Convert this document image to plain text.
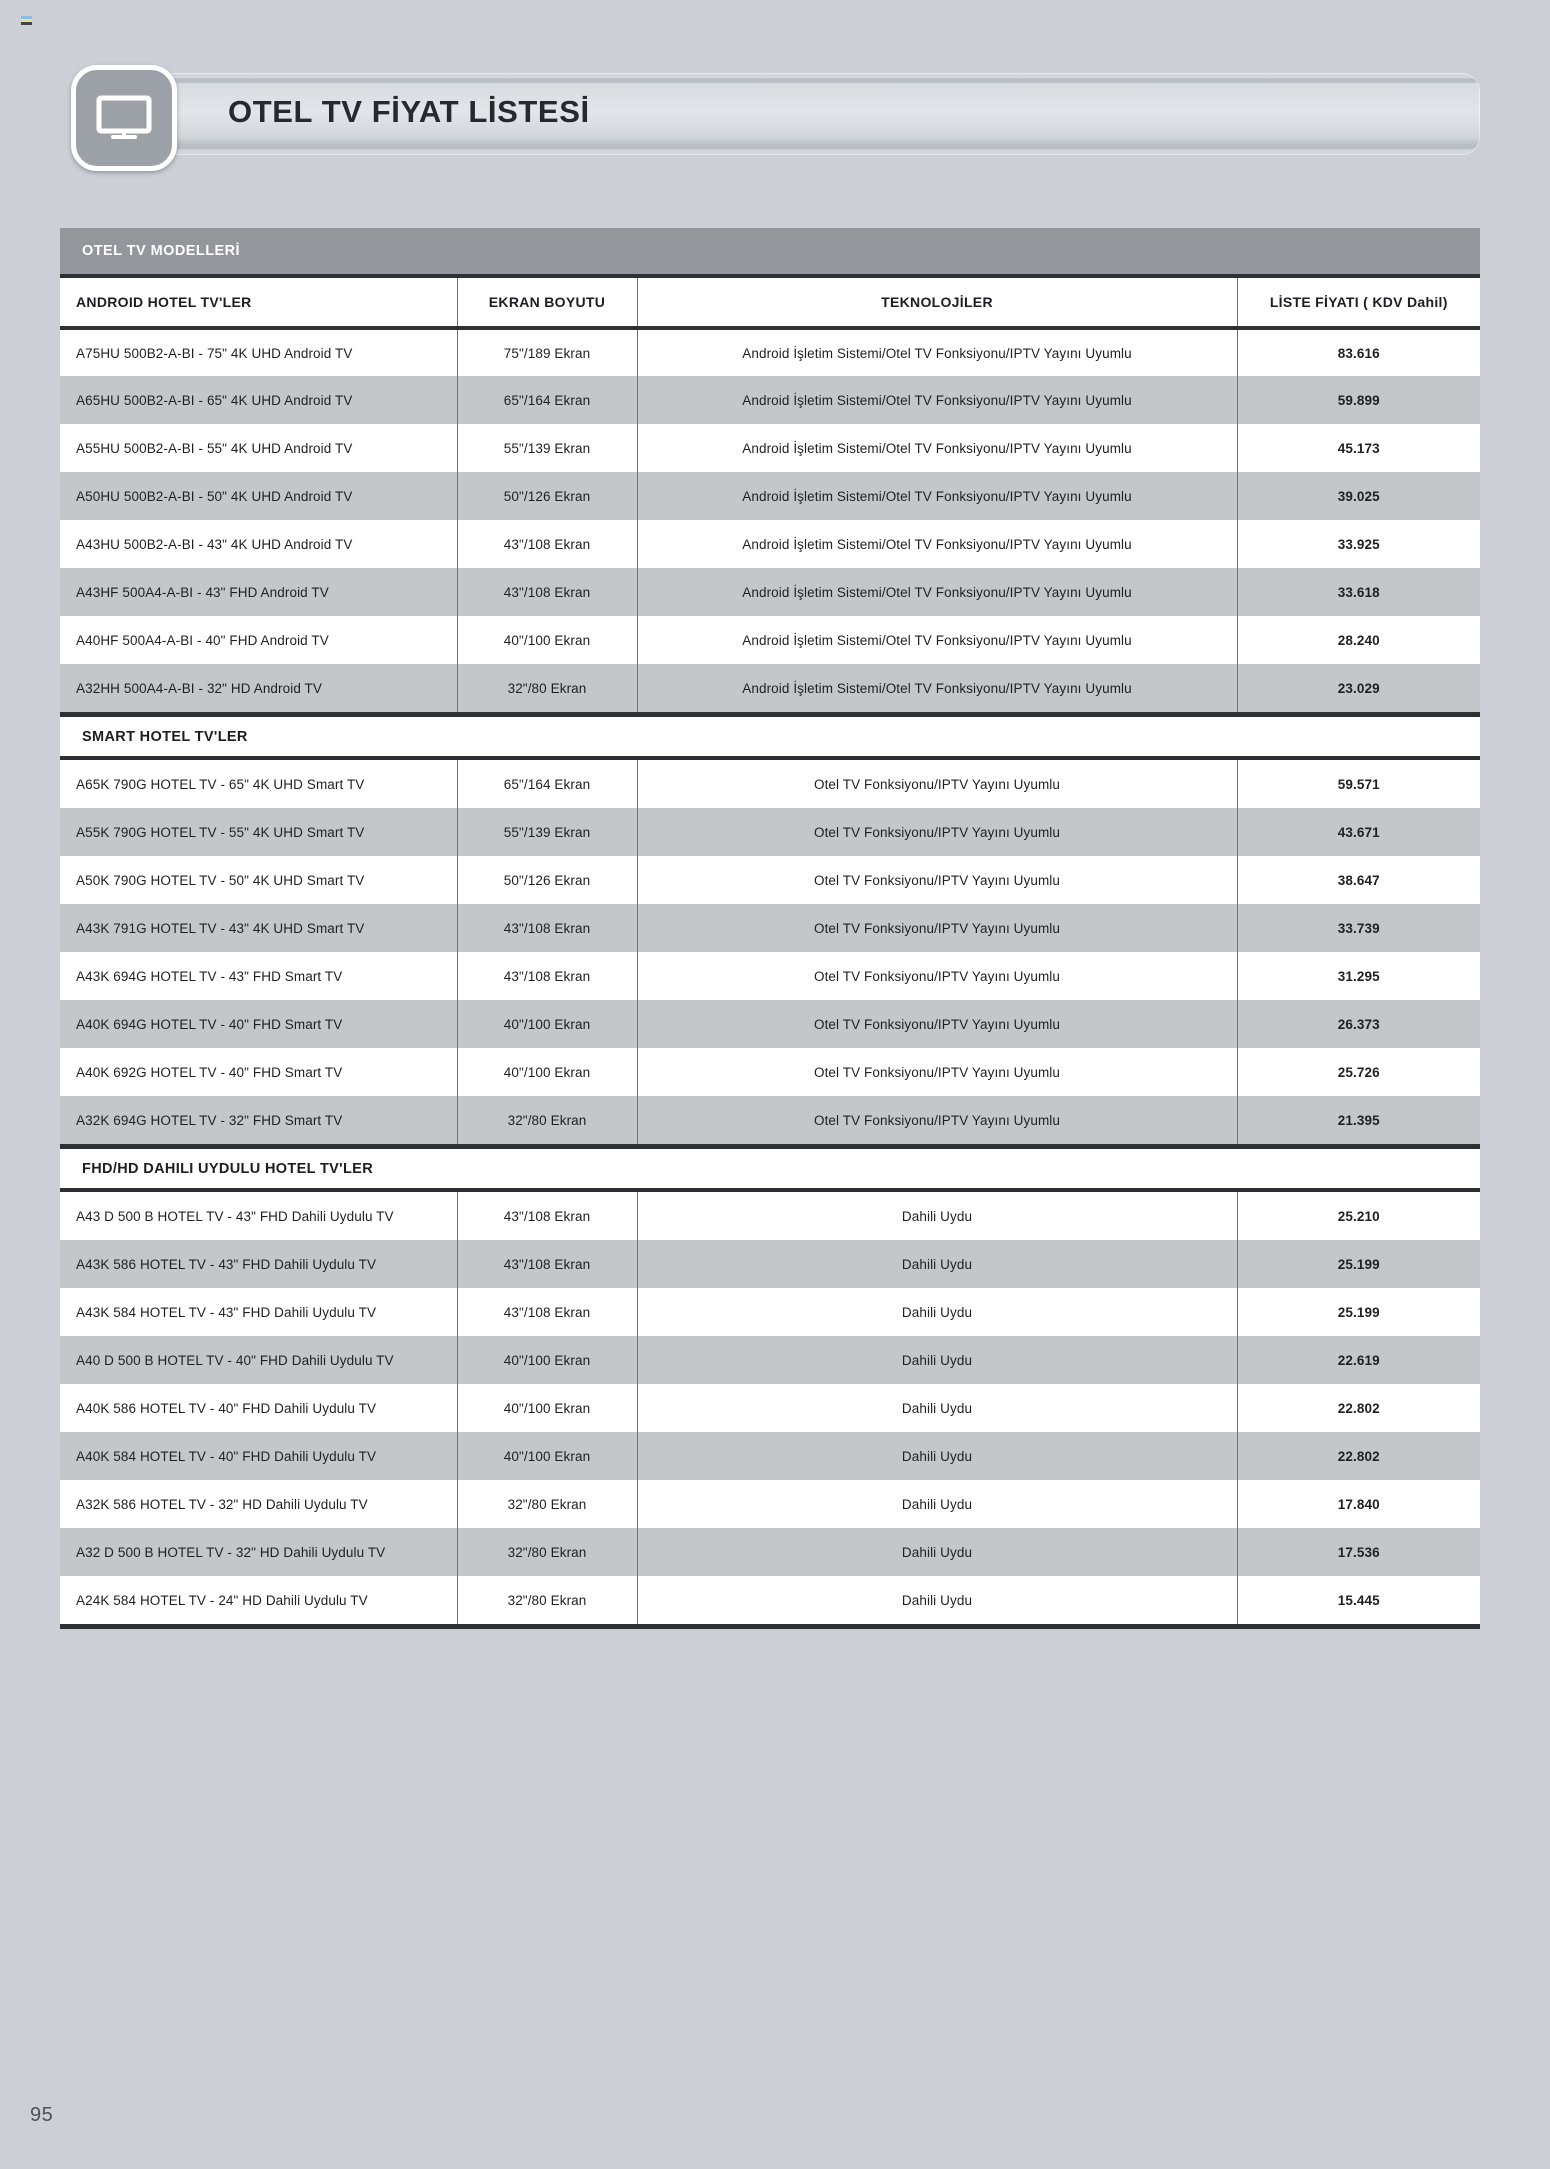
OTEL TV FİYAT LİSTESİ
OTEL TV MODELLERİ
ANDROID HOTEL TV'LER	EKRAN BOYUTU	TEKNOLOJİLER	LİSTE FİYATI ( KDV Dahil)
A75HU 500B2-A-BI - 75" 4K UHD Android TV	75"/189 Ekran	Android İşletim Sistemi/Otel TV Fonksiyonu/IPTV Yayını Uyumlu	83.616
A65HU 500B2-A-BI - 65" 4K UHD Android TV	65"/164 Ekran	Android İşletim Sistemi/Otel TV Fonksiyonu/IPTV Yayını Uyumlu	59.899
A55HU 500B2-A-BI - 55" 4K UHD Android TV	55"/139 Ekran	Android İşletim Sistemi/Otel TV Fonksiyonu/IPTV Yayını Uyumlu	45.173
A50HU 500B2-A-BI - 50" 4K UHD Android TV	50"/126 Ekran	Android İşletim Sistemi/Otel TV Fonksiyonu/IPTV Yayını Uyumlu	39.025
A43HU 500B2-A-BI - 43" 4K UHD Android TV	43"/108 Ekran	Android İşletim Sistemi/Otel TV Fonksiyonu/IPTV Yayını Uyumlu	33.925
A43HF 500A4-A-BI - 43" FHD Android TV	43"/108 Ekran	Android İşletim Sistemi/Otel TV Fonksiyonu/IPTV Yayını Uyumlu	33.618
A40HF 500A4-A-BI - 40" FHD Android TV	40"/100 Ekran	Android İşletim Sistemi/Otel TV Fonksiyonu/IPTV Yayını Uyumlu	28.240
A32HH 500A4-A-BI - 32" HD Android TV	32"/80 Ekran	Android İşletim Sistemi/Otel TV Fonksiyonu/IPTV Yayını Uyumlu	23.029
SMART HOTEL TV'LER
A65K 790G HOTEL TV - 65" 4K UHD Smart TV	65"/164 Ekran	Otel TV Fonksiyonu/IPTV Yayını Uyumlu	59.571
A55K 790G HOTEL TV - 55" 4K UHD Smart TV	55"/139 Ekran	Otel TV Fonksiyonu/IPTV Yayını Uyumlu	43.671
A50K 790G HOTEL TV - 50" 4K UHD Smart TV	50"/126 Ekran	Otel TV Fonksiyonu/IPTV Yayını Uyumlu	38.647
A43K 791G HOTEL TV - 43" 4K UHD Smart TV	43"/108 Ekran	Otel TV Fonksiyonu/IPTV Yayını Uyumlu	33.739
A43K 694G HOTEL TV - 43" FHD Smart TV	43"/108 Ekran	Otel TV Fonksiyonu/IPTV Yayını Uyumlu	31.295
A40K 694G HOTEL TV - 40" FHD Smart TV	40"/100 Ekran	Otel TV Fonksiyonu/IPTV Yayını Uyumlu	26.373
A40K 692G HOTEL TV - 40" FHD Smart TV	40"/100 Ekran	Otel TV Fonksiyonu/IPTV Yayını Uyumlu	25.726
A32K 694G HOTEL TV - 32" FHD Smart TV	32"/80 Ekran	Otel TV Fonksiyonu/IPTV Yayını Uyumlu	21.395
FHD/HD DAHILI UYDULU HOTEL TV'LER
A43 D 500 B HOTEL TV - 43" FHD Dahili Uydulu TV	43"/108 Ekran	Dahili Uydu	25.210
A43K 586 HOTEL TV - 43" FHD Dahili Uydulu TV	43"/108 Ekran	Dahili Uydu	25.199
A43K 584 HOTEL TV - 43" FHD Dahili Uydulu TV	43"/108 Ekran	Dahili Uydu	25.199
A40 D 500 B HOTEL TV - 40" FHD Dahili Uydulu TV	40"/100 Ekran	Dahili Uydu	22.619
A40K 586 HOTEL TV - 40" FHD Dahili Uydulu TV	40"/100 Ekran	Dahili Uydu	22.802
A40K 584 HOTEL TV - 40" FHD Dahili Uydulu TV	40"/100 Ekran	Dahili Uydu	22.802
A32K 586 HOTEL TV - 32" HD Dahili Uydulu TV	32"/80 Ekran	Dahili Uydu	17.840
A32 D 500 B HOTEL TV - 32" HD Dahili Uydulu TV	32"/80 Ekran	Dahili Uydu	17.536
A24K 584 HOTEL TV - 24" HD Dahili Uydulu TV	32"/80 Ekran	Dahili Uydu	15.445
95
